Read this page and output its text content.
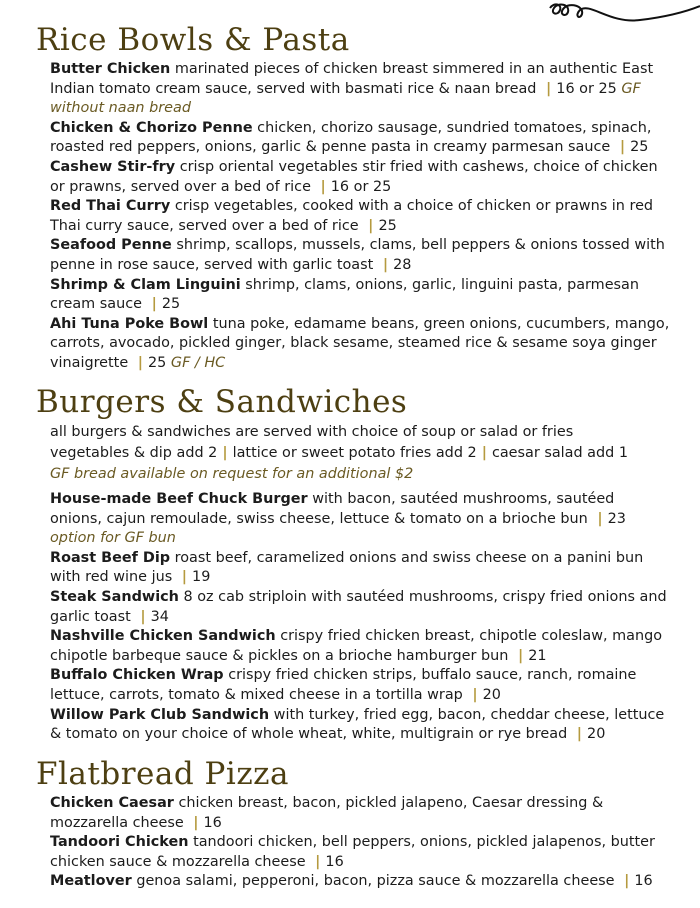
Rice Bowls & Pasta

Butter Chicken marinated pieces of chicken breast simmered in an authentic East Indian tomato cream sauce, served with basmati rice & naan bread | 16 or 25 GF without naan bread

Chicken & Chorizo Penne chicken, chorizo sausage, sundried tomatoes, spinach, roasted red peppers, onions, garlic & penne pasta in creamy parmesan sauce | 25

Cashew Stir-fry crisp oriental vegetables stir fried with cashews, choice of chicken or prawns, served over a bed of rice | 16 or 25

Red Thai Curry crisp vegetables, cooked with a choice of chicken or prawns in red Thai curry sauce, served over a bed of rice | 25

Seafood Penne shrimp, scallops, mussels, clams, bell peppers & onions tossed with penne in rose sauce, served with garlic toast | 28

Shrimp & Clam Linguini shrimp, clams, onions, garlic, linguini pasta, parmesan cream sauce | 25

Ahi Tuna Poke Bowl tuna poke, edamame beans, green onions, cucumbers, mango, carrots, avocado, pickled ginger, black sesame, steamed rice & sesame soya ginger vinaigrette | 25 GF / HC

Burgers & Sandwiches

all burgers & sandwiches are served with choice of soup or salad or fries

vegetables & dip add 2 | lattice or sweet potato fries add 2 | caesar salad add 1

GF bread available on request for an additional $2

House-made Beef Chuck Burger with bacon, sautéed mushrooms, sautéed onions, cajun remoulade, swiss cheese, lettuce & tomato on a brioche bun | 23 option for GF bun

Roast Beef Dip roast beef, caramelized onions and swiss cheese on a panini bun with red wine jus | 19

Steak Sandwich 8 oz cab striploin with sautéed mushrooms, crispy fried onions and garlic toast | 34

Nashville Chicken Sandwich crispy fried chicken breast, chipotle coleslaw, mango chipotle barbeque sauce & pickles on a brioche hamburger bun | 21

Buffalo Chicken Wrap crispy fried chicken strips, buffalo sauce, ranch, romaine lettuce, carrots, tomato & mixed cheese in a tortilla wrap | 20

Willow Park Club Sandwich with turkey, fried egg, bacon, cheddar cheese, lettuce & tomato on your choice of whole wheat, white, multigrain or rye bread | 20

Flatbread Pizza

Chicken Caesar chicken breast, bacon, pickled jalapeno, Caesar dressing & mozzarella cheese | 16

Tandoori Chicken tandoori chicken, bell peppers, onions, pickled jalapenos, butter chicken sauce & mozzarella cheese | 16

Meatlover genoa salami, pepperoni, bacon, pizza sauce & mozzarella cheese | 16
